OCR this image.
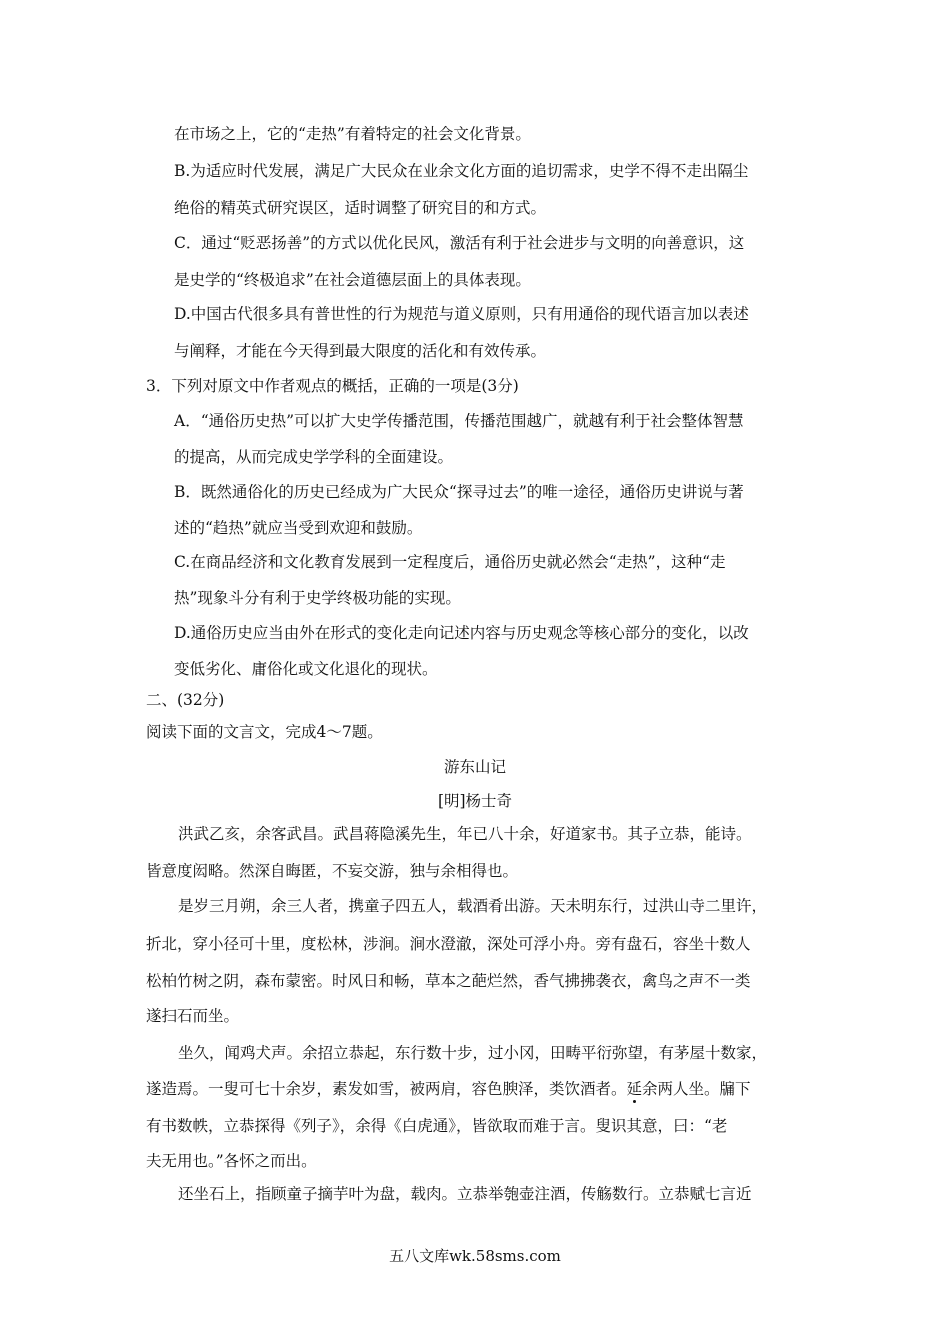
在市场之上，它的“走热”有着特定的社会文化背景。
B.为适应时代发展，满足广大民众在业余文化方面的追切需求，史学不得不走出隔尘
绝俗的精英式研究误区，适时调整了研究目的和方式。
C．通过“贬恶扬善”的方式以优化民风，激活有利于社会进步与文明的向善意识，这
是史学的“终极追求”在社会道德层面上的具体表现。
D.中国古代很多具有普世性的行为规范与道义原则，只有用通俗的现代语言加以表述
与阐释，才能在今天得到最大限度的活化和有效传承。
3．下列对原文中作者观点的概括，正确的一项是(3分)
A．“通俗历史热”可以扩大史学传播范围，传播范围越广，就越有利于社会整体智慧
的提高，从而完成史学学科的全面建设。
B．既然通俗化的历史已经成为广大民众“探寻过去”的唯一途径，通俗历史讲说与著
述的“趋热”就应当受到欢迎和鼓励。
C.在商品经济和文化教育发展到一定程度后，通俗历史就必然会“走热”，这种“走
热”现象斗分有利于史学终极功能的实现。
D.通俗历史应当由外在形式的变化走向记述内容与历史观念等核心部分的变化，以改
变低劣化、庸俗化或文化退化的现状。
二、(32分)
阅读下面的文言文，完成4～7题。
游东山记
[明]杨士奇
洪武乙亥，余客武昌。武昌蒋隐溪先生，年已八十余，好道家书。其子立恭，能诗。
皆意度闳略。然深自晦匿，不妄交游，独与余相得也。
是岁三月朔，余三人者，携童子四五人，载酒肴出游。天未明东行，过洪山寺二里许，
折北，穿小径可十里，度松林，涉涧。涧水澄澈，深处可浮小舟。旁有盘石，容坐十数人
松柏竹树之阴，森布蒙密。时风日和畅，草本之葩烂然，香气拂拂袭衣，禽鸟之声不一类
遂扫石而坐。
坐久，闻鸡犬声。余招立恭起，东行数十步，过小冈，田畴平衍弥望，有茅屋十数家，
遂造焉。一叟可七十余岁，素发如雪，被两肩，容色腴泽，类饮酒者。延余两人坐。牖下
有书数帙，立恭探得《列子》，余得《白虎通》，皆欲取而难于言。叟识其意，曰：“老
夫无用也。”各怀之而出。
还坐石上，指顾童子摘芋叶为盘，载肉。立恭举匏壶注酒，传觞数行。立恭赋七言近
五八文库wk.58sms.com
